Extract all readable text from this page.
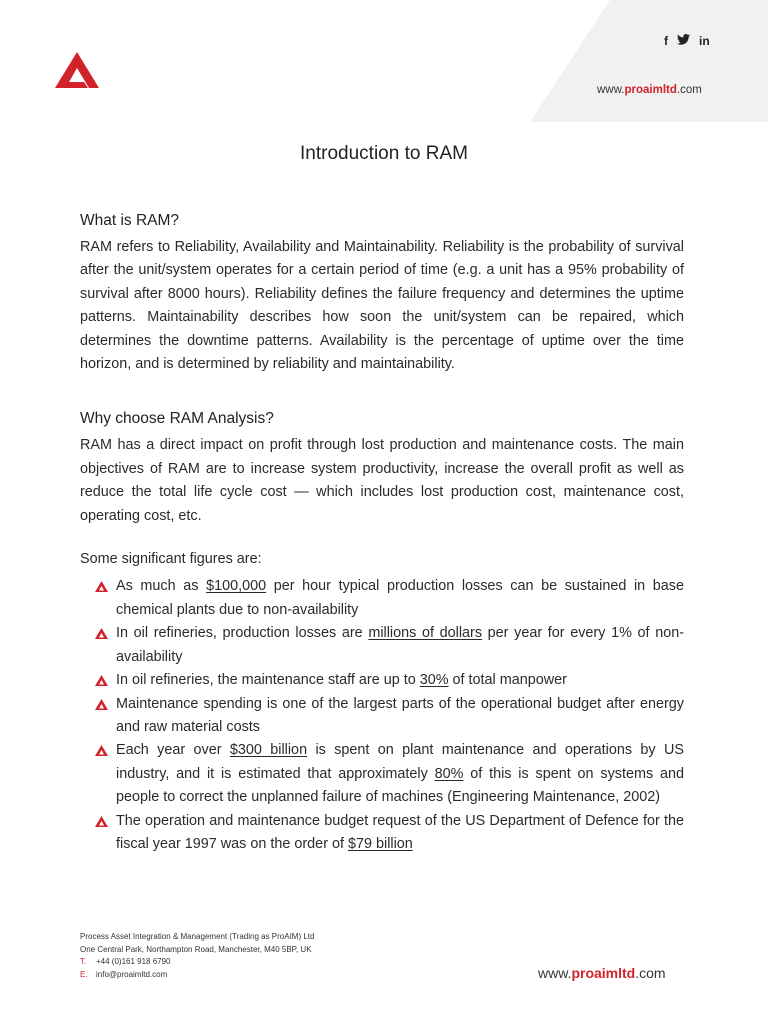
f	in
www.proaimltd.com
Introduction to RAM
What is RAM?

RAM refers to Reliability, Availability and Maintainability. Reliability is the probability of survival after the unit/system operates for a certain period of time (e.g. a unit has a 95% probability of survival after 8000 hours). Reliability defines the failure frequency and determines the uptime patterns. Maintainability describes how soon the unit/system can be repaired, which determines the downtime patterns. Availability is the percentage of uptime over the time horizon, and is determined by reliability and maintainability.

Why choose RAM Analysis?

RAM has a direct impact on profit through lost production and maintenance costs. The main objectives of RAM are to increase system productivity, increase the overall profit as well as reduce the total life cycle cost — which includes lost production cost, maintenance cost, operating cost, etc.

Some significant figures are:

As much as $100,000 per hour typical production losses can be sustained in base chemical plants due to non-availability
In oil refineries, production losses are millions of dollars per year for every 1% of non-availability
In oil refineries, the maintenance staff are up to 30% of total manpower
Maintenance spending is one of the largest parts of the operational budget after energy and raw material costs
Each year over $300 billion is spent on plant maintenance and operations by US industry, and it is estimated that approximately 80% of this is spent on systems and people to correct the unplanned failure of machines (Engineering Maintenance, 2002)
The operation and maintenance budget request of the US Department of Defence for the fiscal year 1997 was on the order of $79 billion
Process Asset Integration & Management (Trading as ProAIM) Ltd
One Central Park, Northampton Road, Manchester, M40 5BP, UK
T. +44 (0)161 918 6790
E. info@proaimltd.com	www.proaimltd.com
